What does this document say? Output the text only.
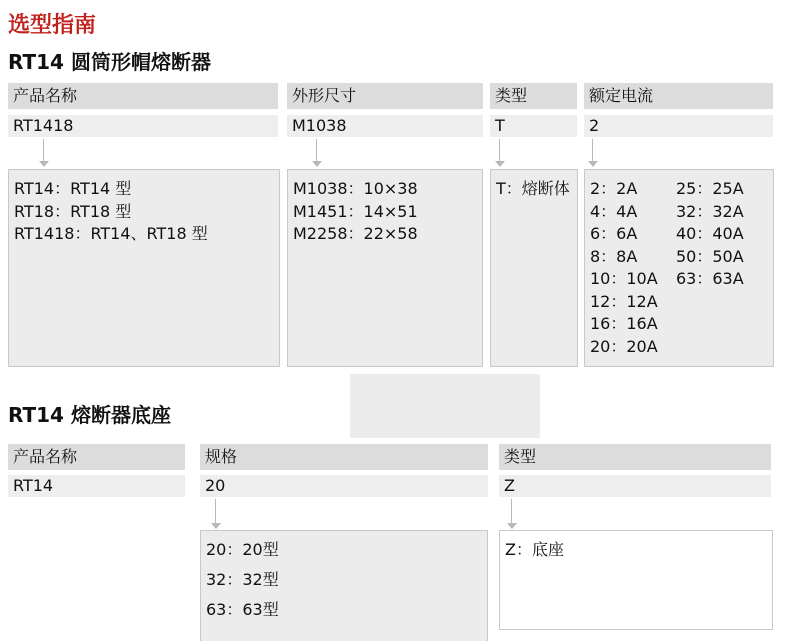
选型指南
RT14 圆筒形帽熔断器
产品名称	外形尺寸	类型	额定电流
RT1418	M1038	T	2
RT14：RT14 型
RT18：RT18 型
RT1418：RT14、RT18 型
M1038：10×38
M1451：14×51
M2258：22×58
T：熔断体 2：2A
4：4A
6：6A
8：8A
10：10A
12：12A
16：16A
20：20A
25：25A
32：32A
40：40A
50：50A
63：63A
RT14 熔断器底座
产品名称	规格	类型
RT14	20	Z
20：20型
32：32型
63：63型
Z：底座
